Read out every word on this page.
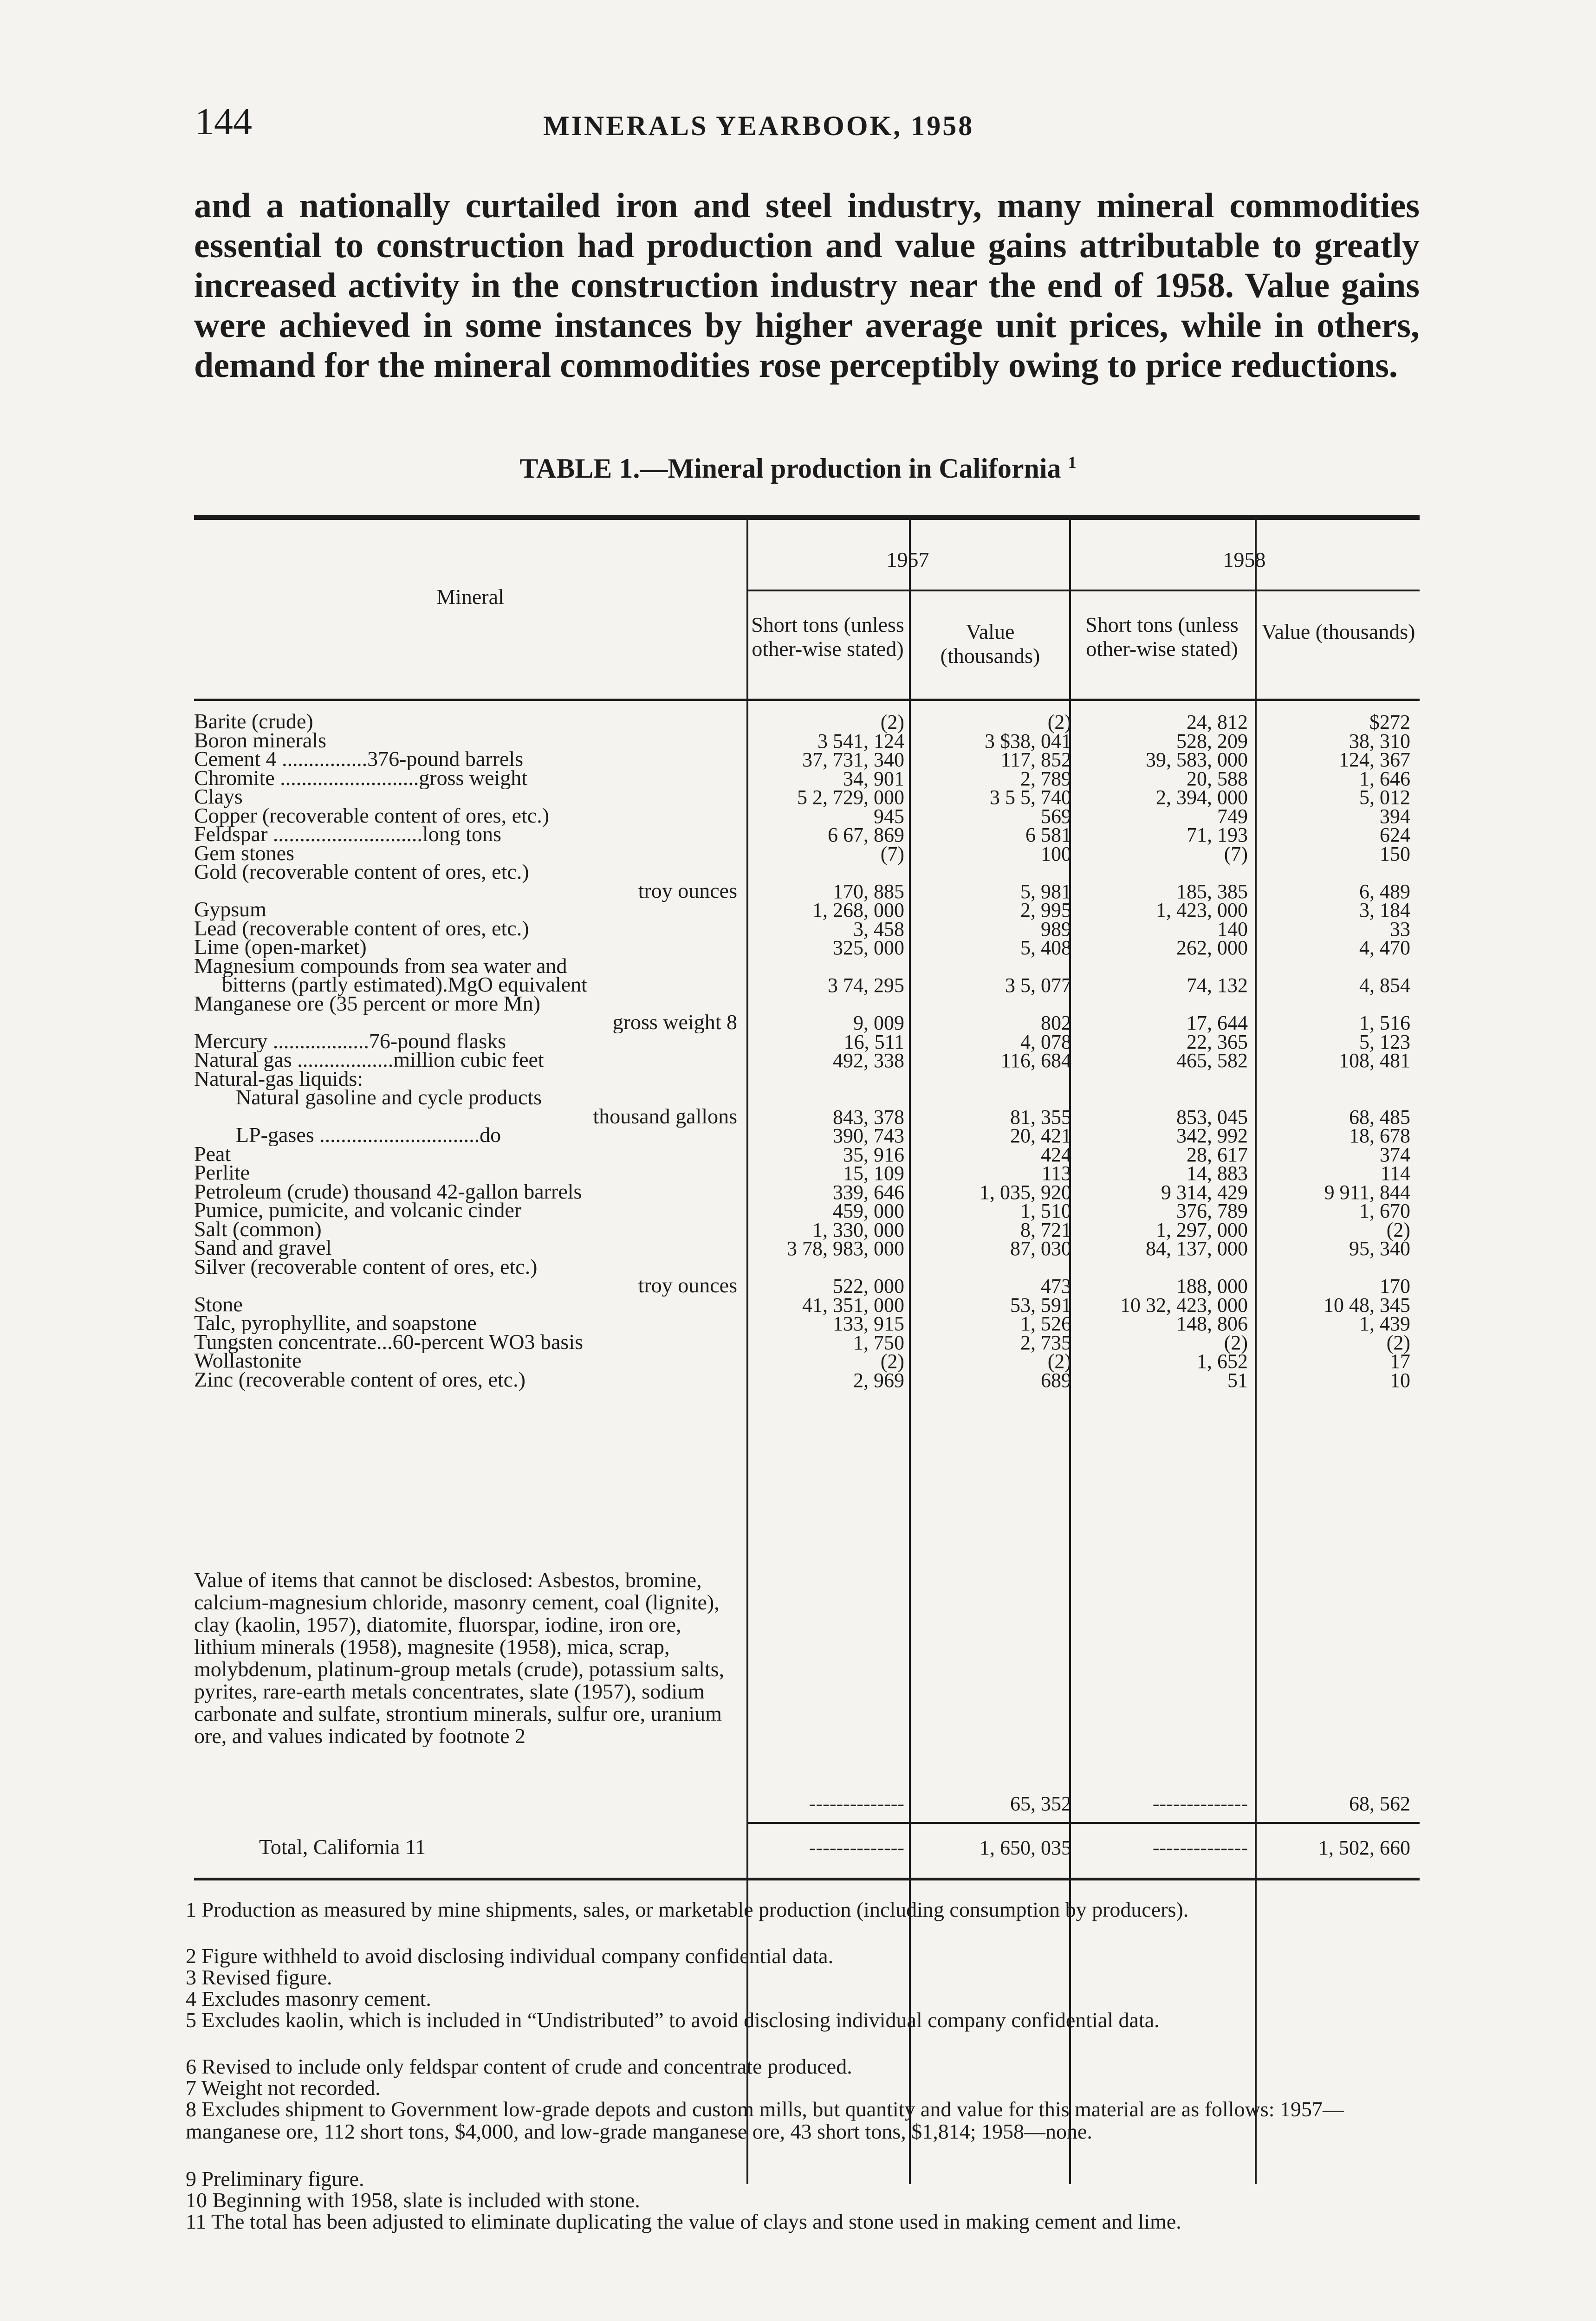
144	MINERALS YEARBOOK, 1958
and a nationally curtailed iron and steel industry, many mineral commodities essential to construction had production and value gains attributable to greatly increased activity in the construction industry near the end of 1958. Value gains were achieved in some instances by higher average unit prices, while in others, demand for the mineral commodities rose perceptibly owing to price reductions.
TABLE 1.—Mineral production in California $^1$
Mineral
1957	1958
Short tons (unless other-wise stated)
Value (thousands)
Short tons (unless other-wise stated)
Value (thousands)
Barite (crude)	(2)	(2)	24, 812	$272
Boron minerals	3 541, 124	3 $38, 041	528, 209	38, 310
Cement 4 ................376-pound barrels	37, 731, 340	117, 852	39, 583, 000	124, 367
Chromite ..........................gross weight	34, 901	2, 789	20, 588	1, 646
Clays	5 2, 729, 000	3 5 5, 740	2, 394, 000	5, 012
Copper (recoverable content of ores, etc.)	945	569	749	394
Feldspar ............................long tons	6 67, 869	6 581	71, 193	624
Gem stones	(7)	100	(7)	150
Gold (recoverable content of ores, etc.)
troy ounces	170, 885	5, 981	185, 385	6, 489
Gypsum	1, 268, 000	2, 995	1, 423, 000	3, 184
Lead (recoverable content of ores, etc.)	3, 458	989	140	33
Lime (open-market)	325, 000	5, 408	262, 000	4, 470
Magnesium compounds from sea water and
bitterns (partly estimated).MgO equivalent	3 74, 295	3 5, 077	74, 132	4, 854
Manganese ore (35 percent or more Mn)
gross weight 8	9, 009	802	17, 644	1, 516
Mercury ..................76-pound flasks	16, 511	4, 078	22, 365	5, 123
Natural gas ..................million cubic feet	492, 338	116, 684	465, 582	108, 481
Natural-gas liquids:
Natural gasoline and cycle products
thousand gallons	843, 378	81, 355	853, 045	68, 485
LP-gases ..............................do	390, 743	20, 421	342, 992	18, 678
Peat	35, 916	424	28, 617	374
Perlite	15, 109	113	14, 883	114
Petroleum (crude) thousand 42-gallon barrels	339, 646	1, 035, 920	9 314, 429	9 911, 844
Pumice, pumicite, and volcanic cinder	459, 000	1, 510	376, 789	1, 670
Salt (common)	1, 330, 000	8, 721	1, 297, 000	(2)
Sand and gravel	3 78, 983, 000	87, 030	84, 137, 000	95, 340
Silver (recoverable content of ores, etc.)
troy ounces	522, 000	473	188, 000	170
Stone	41, 351, 000	53, 591	10 32, 423, 000	10 48, 345
Talc, pyrophyllite, and soapstone	133, 915	1, 526	148, 806	1, 439
Tungsten concentrate...60-percent WO3 basis	1, 750	2, 735	(2)	(2)
Wollastonite	(2)	(2)	1, 652	17
Zinc (recoverable content of ores, etc.)	2, 969	689	51	10
Value of items that cannot be disclosed: Asbestos, bromine, calcium-magnesium chloride, masonry cement, coal (lignite), clay (kaolin, 1957), diatomite, fluorspar, iodine, iron ore, lithium minerals (1958), magnesite (1958), mica, scrap, molybdenum, platinum-group metals (crude), potassium salts, pyrites, rare-earth metals concentrates, slate (1957), sodium carbonate and sulfate, strontium minerals, sulfur ore, uranium ore, and values indicated by footnote 2
--------------	65, 352	--------------	68, 562
Total, California 11	--------------	1, 650, 035	--------------	1, 502, 660
1 Production as measured by mine shipments, sales, or marketable production (including consumption by producers).
2 Figure withheld to avoid disclosing individual company confidential data.
3 Revised figure.
4 Excludes masonry cement.
5 Excludes kaolin, which is included in “Undistributed” to avoid disclosing individual company confidential data.
6 Revised to include only feldspar content of crude and concentrate produced.
7 Weight not recorded.
8 Excludes shipment to Government low-grade depots and custom mills, but quantity and value for this material are as follows: 1957—manganese ore, 112 short tons, $4,000, and low-grade manganese ore, 43 short tons, $1,814; 1958—none.
9 Preliminary figure.
10 Beginning with 1958, slate is included with stone.
11 The total has been adjusted to eliminate duplicating the value of clays and stone used in making cement and lime.
